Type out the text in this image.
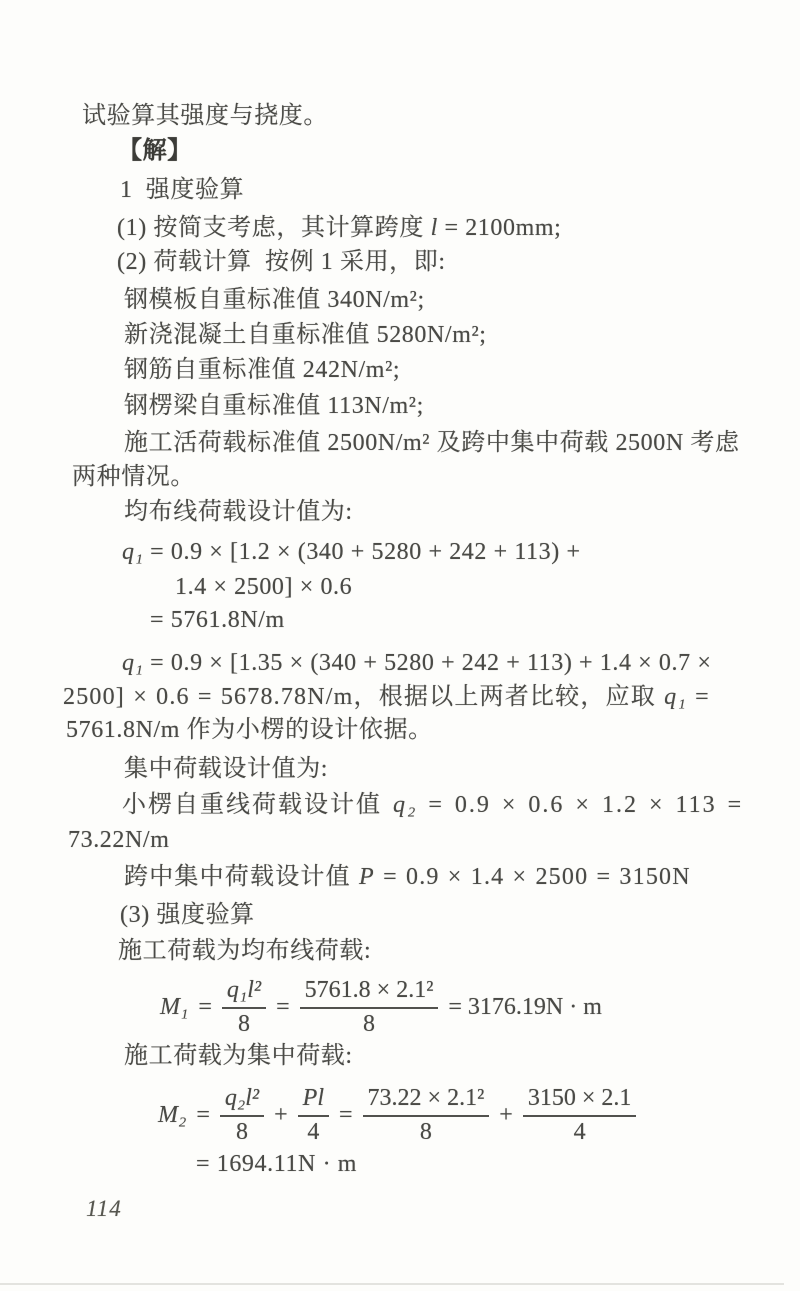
试验算其强度与挠度。
【解】
1  强度验算
(1) 按简支考虑，其计算跨度 l = 2100mm;
(2) 荷载计算  按例 1 采用，即:
钢模板自重标准值 340N/m²;
新浇混凝土自重标准值 5280N/m²;
钢筋自重标准值 242N/m²;
钢楞梁自重标准值 113N/m²;
施工活荷载标准值 2500N/m² 及跨中集中荷载 2500N 考虑
两种情况。
均布线荷载设计值为:
q₁ = 0.9 × [1.2 × (340 + 5280 + 242 + 113) +
1.4 × 2500] × 0.6
= 5761.8N/m
q₁ = 0.9 × [1.35 × (340 + 5280 + 242 + 113) + 1.4 × 0.7 ×
2500] × 0.6 = 5678.78N/m，根据以上两者比较，应取 q₁ =
5761.8N/m 作为小楞的设计依据。
集中荷载设计值为:
小楞自重线荷载设计值 q₂ = 0.9 × 0.6 × 1.2 × 113 =
73.22N/m
跨中集中荷载设计值 P = 0.9 × 1.4 × 2500 = 3150N
(3) 强度验算
施工荷载为均布线荷载:
$M_1 = \frac{\text{q₁l²}}{8} = \frac{\text{5761.8 × 2.1²}}{8} = 3176.19N \cdot m$
施工荷载为集中荷载:
$M_2 = \frac{\text{q₂l²}}{8} + \frac{Pl}{4} = \frac{\text{73.22 × 2.1²}}{8} + \frac{3150 \times 2.1}{4}$
= 1694.11N · m
114
